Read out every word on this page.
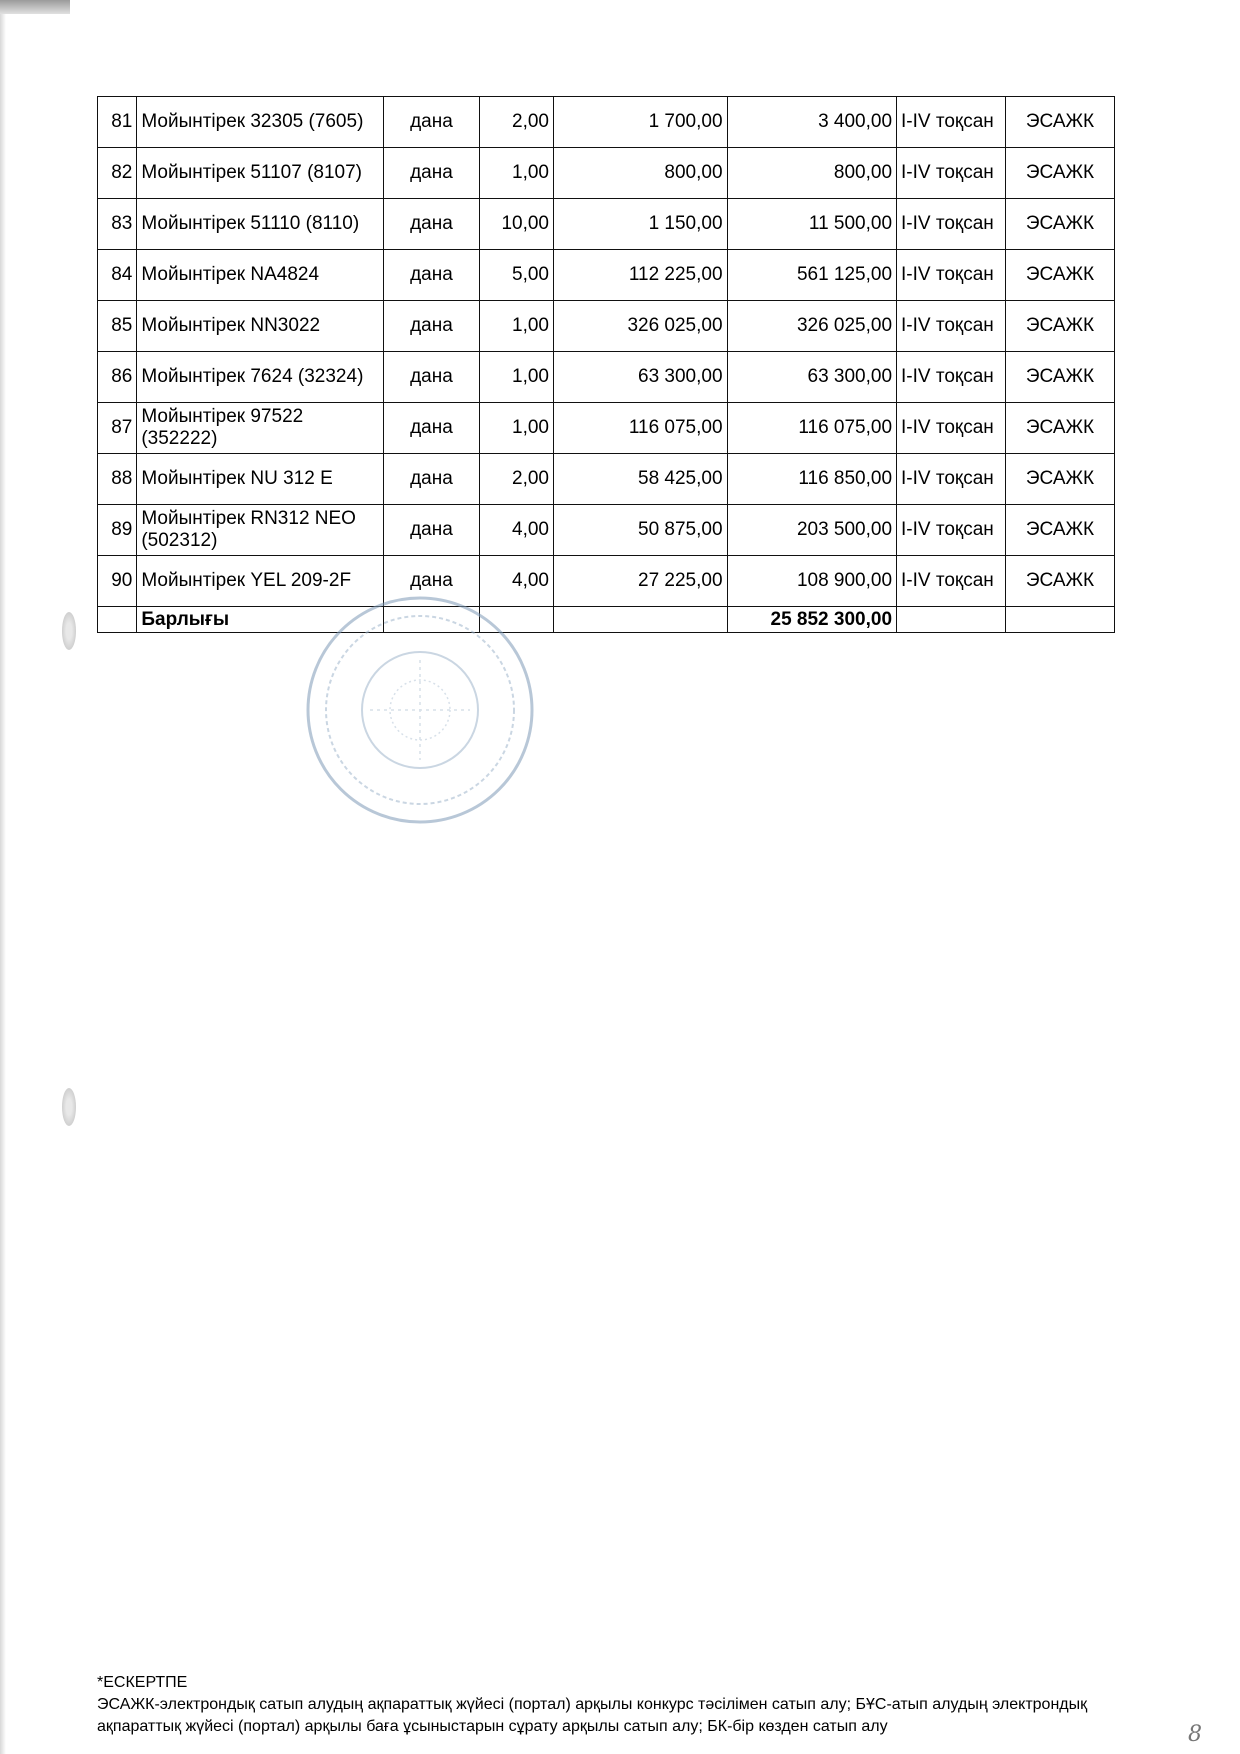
81	Мойынтірек 32305 (7605)	дана	2,00	1 700,00	3 400,00	I-IV тоқсан	ЭСАЖК
82	Мойынтірек 51107 (8107)	дана	1,00	800,00	800,00	I-IV тоқсан	ЭСАЖК
83	Мойынтірек 51110 (8110)	дана	10,00	1 150,00	11 500,00	I-IV тоқсан	ЭСАЖК
84	Мойынтірек NA4824	дана	5,00	112 225,00	561 125,00	I-IV тоқсан	ЭСАЖК
85	Мойынтірек NN3022	дана	1,00	326 025,00	326 025,00	I-IV тоқсан	ЭСАЖК
86	Мойынтірек 7624 (32324)	дана	1,00	63 300,00	63 300,00	I-IV тоқсан	ЭСАЖК
87	Мойынтірек 97522 (352222)	дана	1,00	116 075,00	116 075,00	I-IV тоқсан	ЭСАЖК
88	Мойынтірек NU 312 E	дана	2,00	58 425,00	116 850,00	I-IV тоқсан	ЭСАЖК
89	Мойынтірек RN312 NEO (502312)	дана	4,00	50 875,00	203 500,00	I-IV тоқсан	ЭСАЖК
90	Мойынтірек YEL 209-2F	дана	4,00	27 225,00	108 900,00	I-IV тоқсан	ЭСАЖК
	Барлығы				25 852 300,00		
*ЕСКЕРТПЕ
ЭСАЖК-электрондық сатып алудың ақпараттық жүйесі (портал) арқылы конкурс тәсілімен сатып алу; БҰС-атып алудың электрондық
ақпараттық жүйесі (портал) арқылы баға ұсыныстарын сұрату арқылы сатып алу; БК-бір көзден сатып алу	8
